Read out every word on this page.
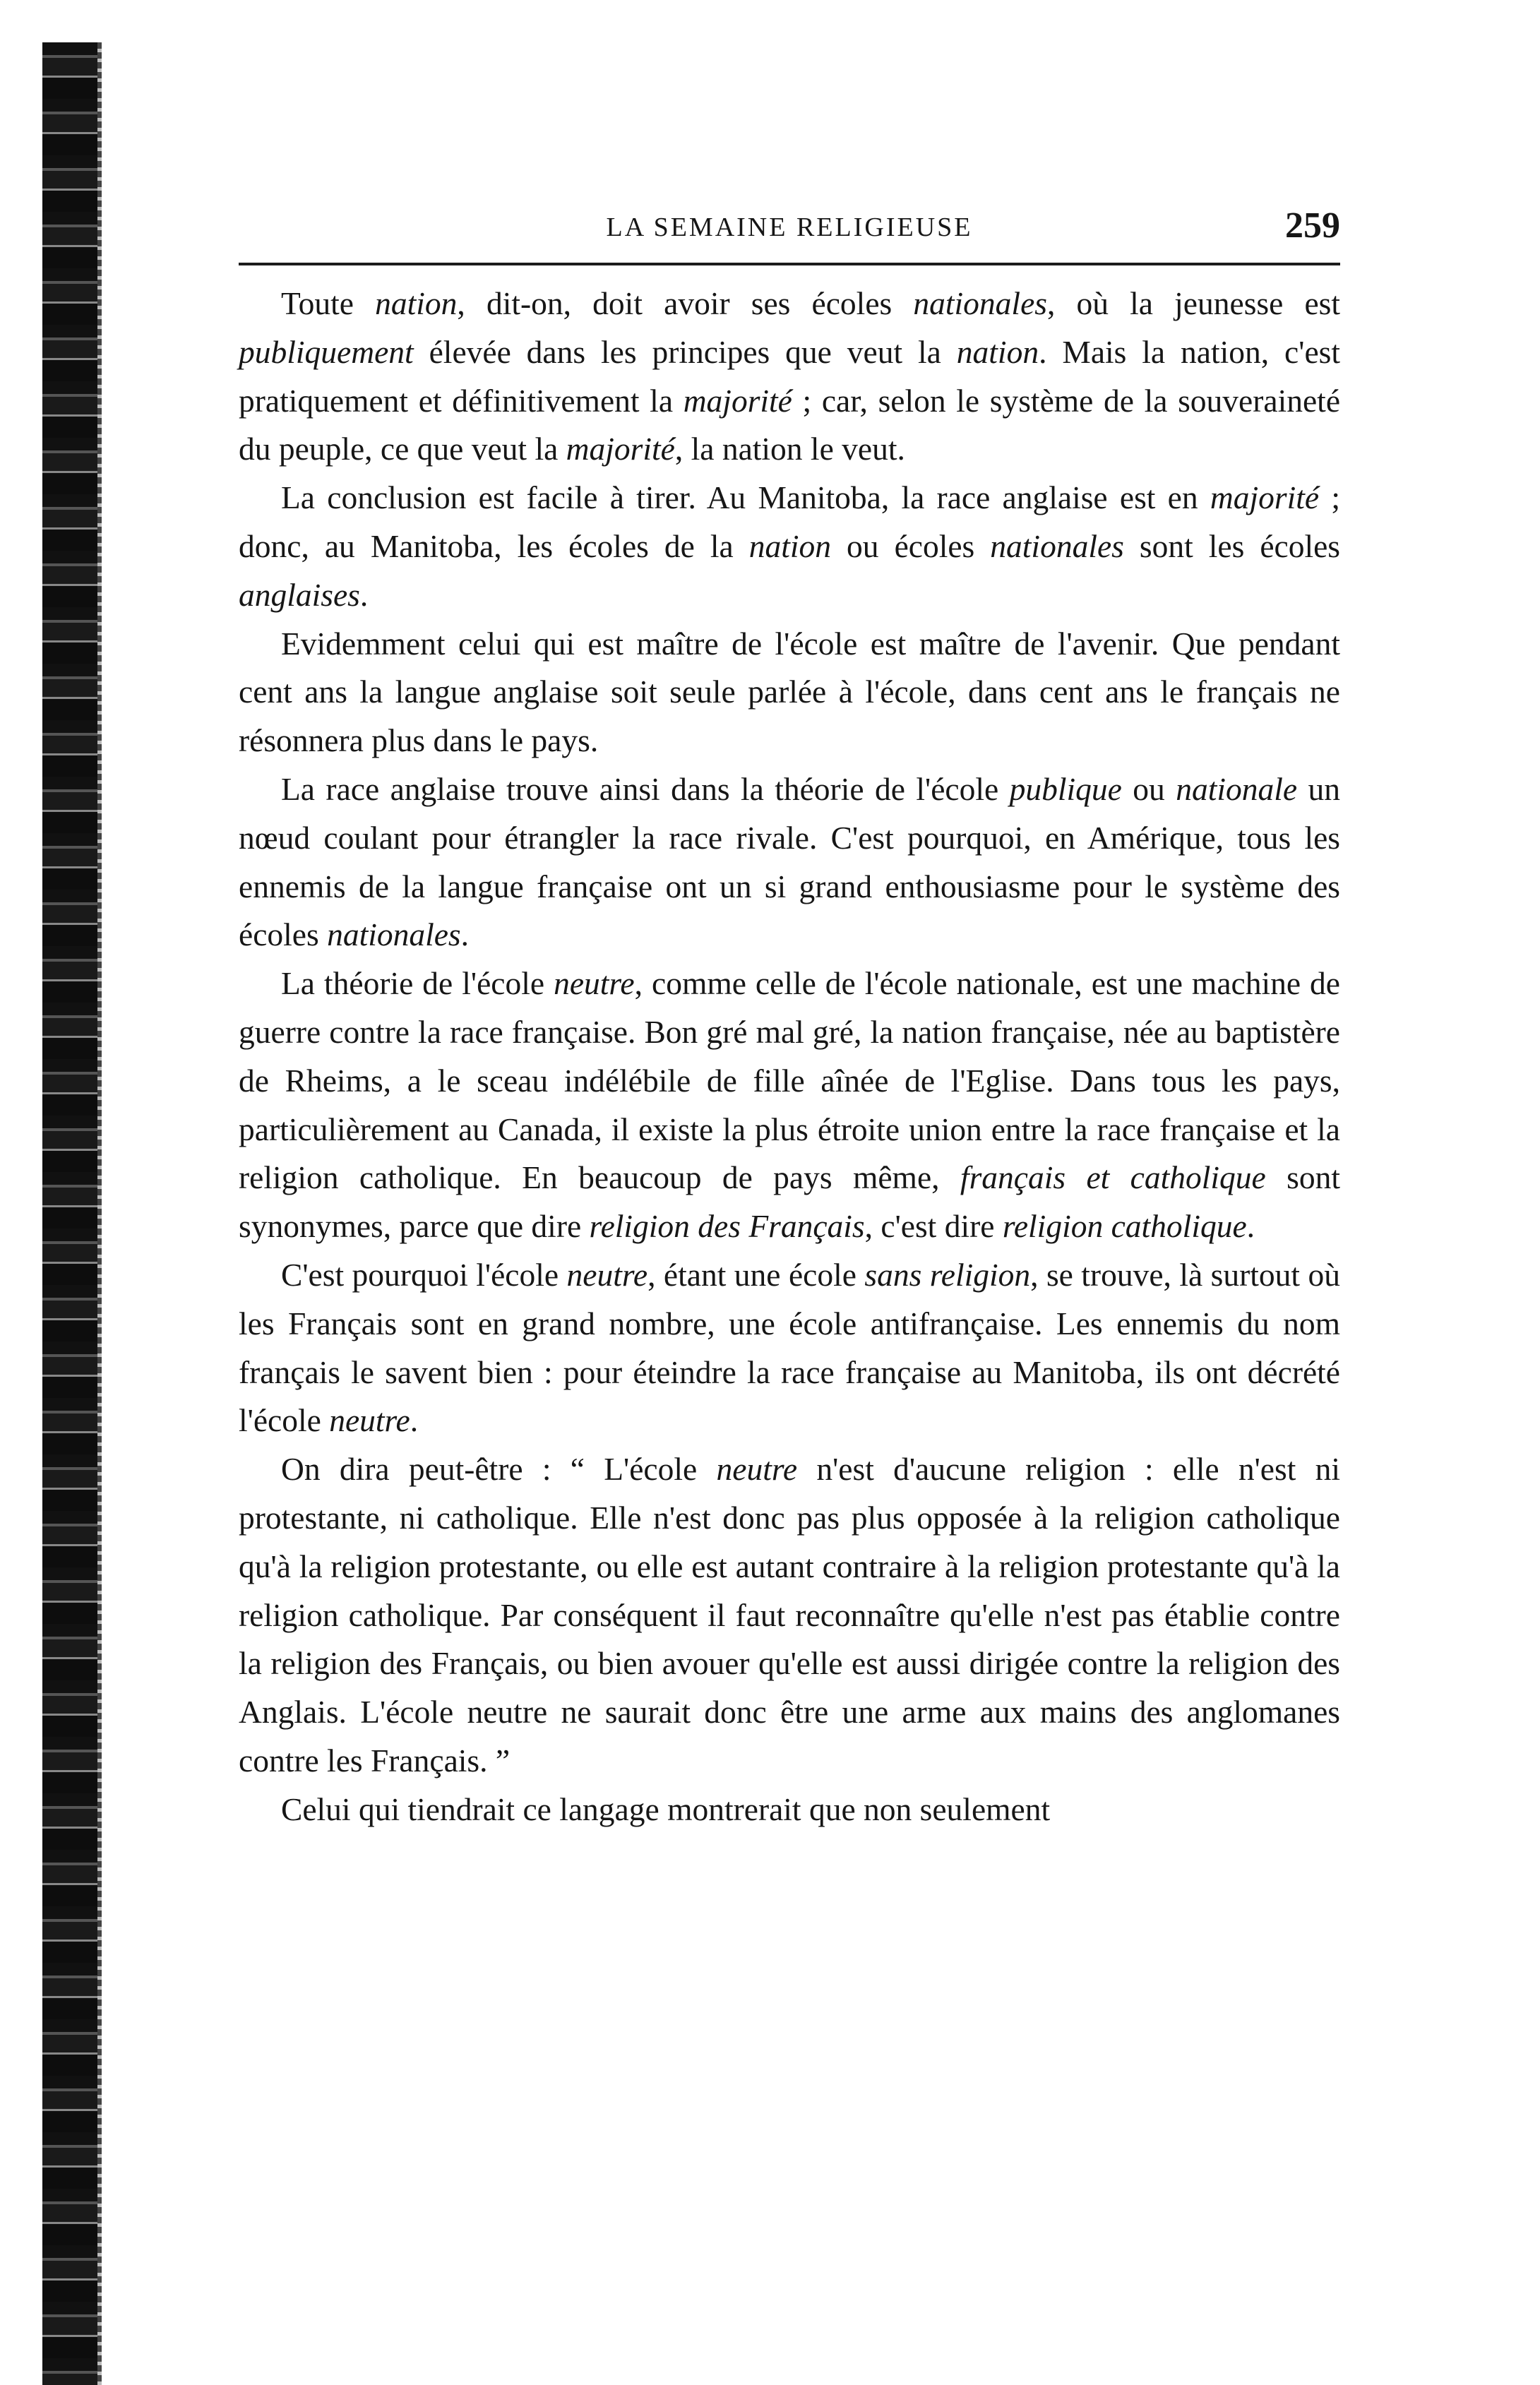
LA SEMAINE RELIGIEUSE	259

Toute nation, dit-on, doit avoir ses écoles nationales, où la jeunesse est publiquement élevée dans les principes que veut la nation. Mais la nation, c'est pratiquement et définitivement la majorité ; car, selon le système de la souveraineté du peuple, ce que veut la majorité, la nation le veut.

La conclusion est facile à tirer. Au Manitoba, la race anglaise est en majorité ; donc, au Manitoba, les écoles de la nation ou écoles nationales sont les écoles anglaises.

Evidemment celui qui est maître de l'école est maître de l'avenir. Que pendant cent ans la langue anglaise soit seule parlée à l'école, dans cent ans le français ne résonnera plus dans le pays.

La race anglaise trouve ainsi dans la théorie de l'école publique ou nationale un nœud coulant pour étrangler la race rivale. C'est pourquoi, en Amérique, tous les ennemis de la langue française ont un si grand enthousiasme pour le système des écoles nationales.

La théorie de l'école neutre, comme celle de l'école nationale, est une machine de guerre contre la race française. Bon gré mal gré, la nation française, née au baptistère de Rheims, a le sceau indélébile de fille aînée de l'Eglise. Dans tous les pays, particulièrement au Canada, il existe la plus étroite union entre la race française et la religion catholique. En beaucoup de pays même, français et catholique sont synonymes, parce que dire religion des Français, c'est dire religion catholique.

C'est pourquoi l'école neutre, étant une école sans religion, se trouve, là surtout où les Français sont en grand nombre, une école antifrançaise. Les ennemis du nom français le savent bien : pour éteindre la race française au Manitoba, ils ont décrété l'école neutre.

On dira peut-être : “ L'école neutre n'est d'aucune religion : elle n'est ni protestante, ni catholique. Elle n'est donc pas plus opposée à la religion catholique qu'à la religion protestante, ou elle est autant contraire à la religion protestante qu'à la religion catholique. Par conséquent il faut reconnaître qu'elle n'est pas établie contre la religion des Français, ou bien avouer qu'elle est aussi dirigée contre la religion des Anglais. L'école neutre ne saurait donc être une arme aux mains des anglomanes contre les Français. ”

Celui qui tiendrait ce langage montrerait que non seulement
